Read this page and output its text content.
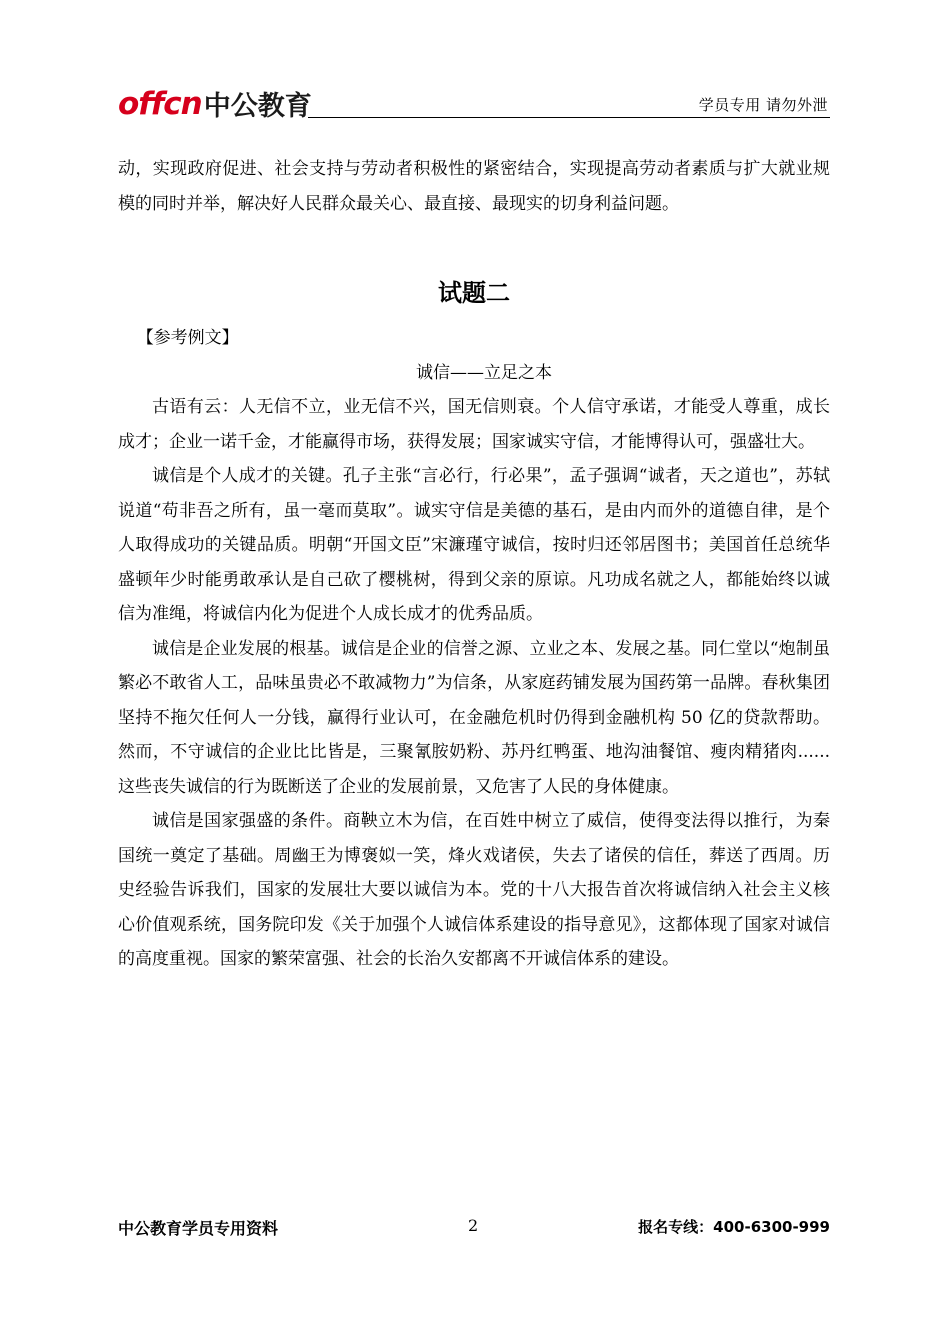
offcn 中公教育	学员专用 请勿外泄

动，实现政府促进、社会支持与劳动者积极性的紧密结合，实现提高劳动者素质与扩大就业规模的同时并举，解决好人民群众最关心、最直接、最现实的切身利益问题。

试题二

【参考例文】

诚信——立足之本

古语有云：人无信不立，业无信不兴，国无信则衰。个人信守承诺，才能受人尊重，成长成才；企业一诺千金，才能赢得市场，获得发展；国家诚实守信，才能博得认可，强盛壮大。

诚信是个人成才的关键。孔子主张“言必行，行必果”，孟子强调“诚者，天之道也”，苏轼说道“苟非吾之所有，虽一毫而莫取”。诚实守信是美德的基石，是由内而外的道德自律，是个人取得成功的关键品质。明朝“开国文臣”宋濂瑾守诚信，按时归还邻居图书；美国首任总统华盛顿年少时能勇敢承认是自己砍了樱桃树，得到父亲的原谅。凡功成名就之人，都能始终以诚信为准绳，将诚信内化为促进个人成长成才的优秀品质。

诚信是企业发展的根基。诚信是企业的信誉之源、立业之本、发展之基。同仁堂以“炮制虽繁必不敢省人工，品味虽贵必不敢减物力”为信条，从家庭药铺发展为国药第一品牌。春秋集团坚持不拖欠任何人一分钱，赢得行业认可，在金融危机时仍得到金融机构 50 亿的贷款帮助。然而，不守诚信的企业比比皆是，三聚氰胺奶粉、苏丹红鸭蛋、地沟油餐馆、瘦肉精猪肉......这些丧失诚信的行为既断送了企业的发展前景，又危害了人民的身体健康。

诚信是国家强盛的条件。商鞅立木为信，在百姓中树立了威信，使得变法得以推行，为秦国统一奠定了基础。周幽王为博褒姒一笑，烽火戏诸侯，失去了诸侯的信任，葬送了西周。历史经验告诉我们，国家的发展壮大要以诚信为本。党的十八大报告首次将诚信纳入社会主义核心价值观系统，国务院印发《关于加强个人诚信体系建设的指导意见》，这都体现了国家对诚信的高度重视。国家的繁荣富强、社会的长治久安都离不开诚信体系的建设。

中公教育学员专用资料	2	报名专线：400-6300-999
